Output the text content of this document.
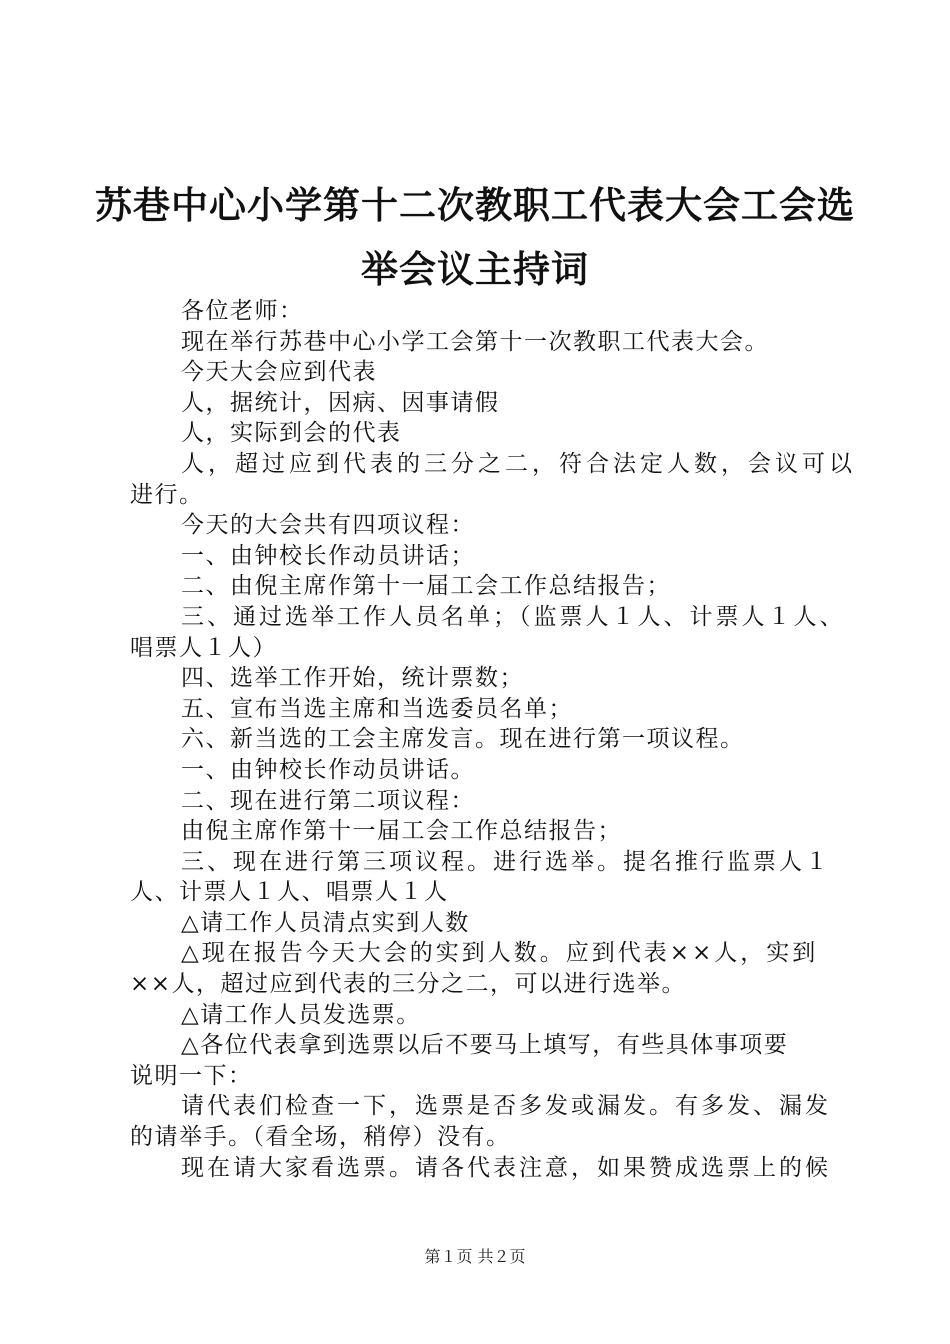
苏巷中心小学第十二次教职工代表大会工会选
举会议主持词
各位老师：
现在举行苏巷中心小学工会第十一次教职工代表大会。
今天大会应到代表
人，据统计，因病、因事请假
人，实际到会的代表
人，超过应到代表的三分之二，符合法定人数，会议可以
进行。
今天的大会共有四项议程：
一、由钟校长作动员讲话；
二、由倪主席作第十一届工会工作总结报告；
三、通过选举工作人员名单；（监票人１人、计票人１人、
唱票人１人）
四、选举工作开始，统计票数；
五、宣布当选主席和当选委员名单；
六、新当选的工会主席发言。现在进行第一项议程。
一、由钟校长作动员讲话。
二、现在进行第二项议程：
由倪主席作第十一届工会工作总结报告；
三、现在进行第三项议程。进行选举。提名推行监票人１
人、计票人１人、唱票人１人
△请工作人员清点实到人数
△现在报告今天大会的实到人数。应到代表××人，实到
××人，超过应到代表的三分之二，可以进行选举。
△请工作人员发选票。
△各位代表拿到选票以后不要马上填写，有些具体事项要
说明一下：
请代表们检查一下，选票是否多发或漏发。有多发、漏发
的请举手。（看全场，稍停）没有。
现在请大家看选票。请各代表注意，如果赞成选票上的候
第１页 共２页
